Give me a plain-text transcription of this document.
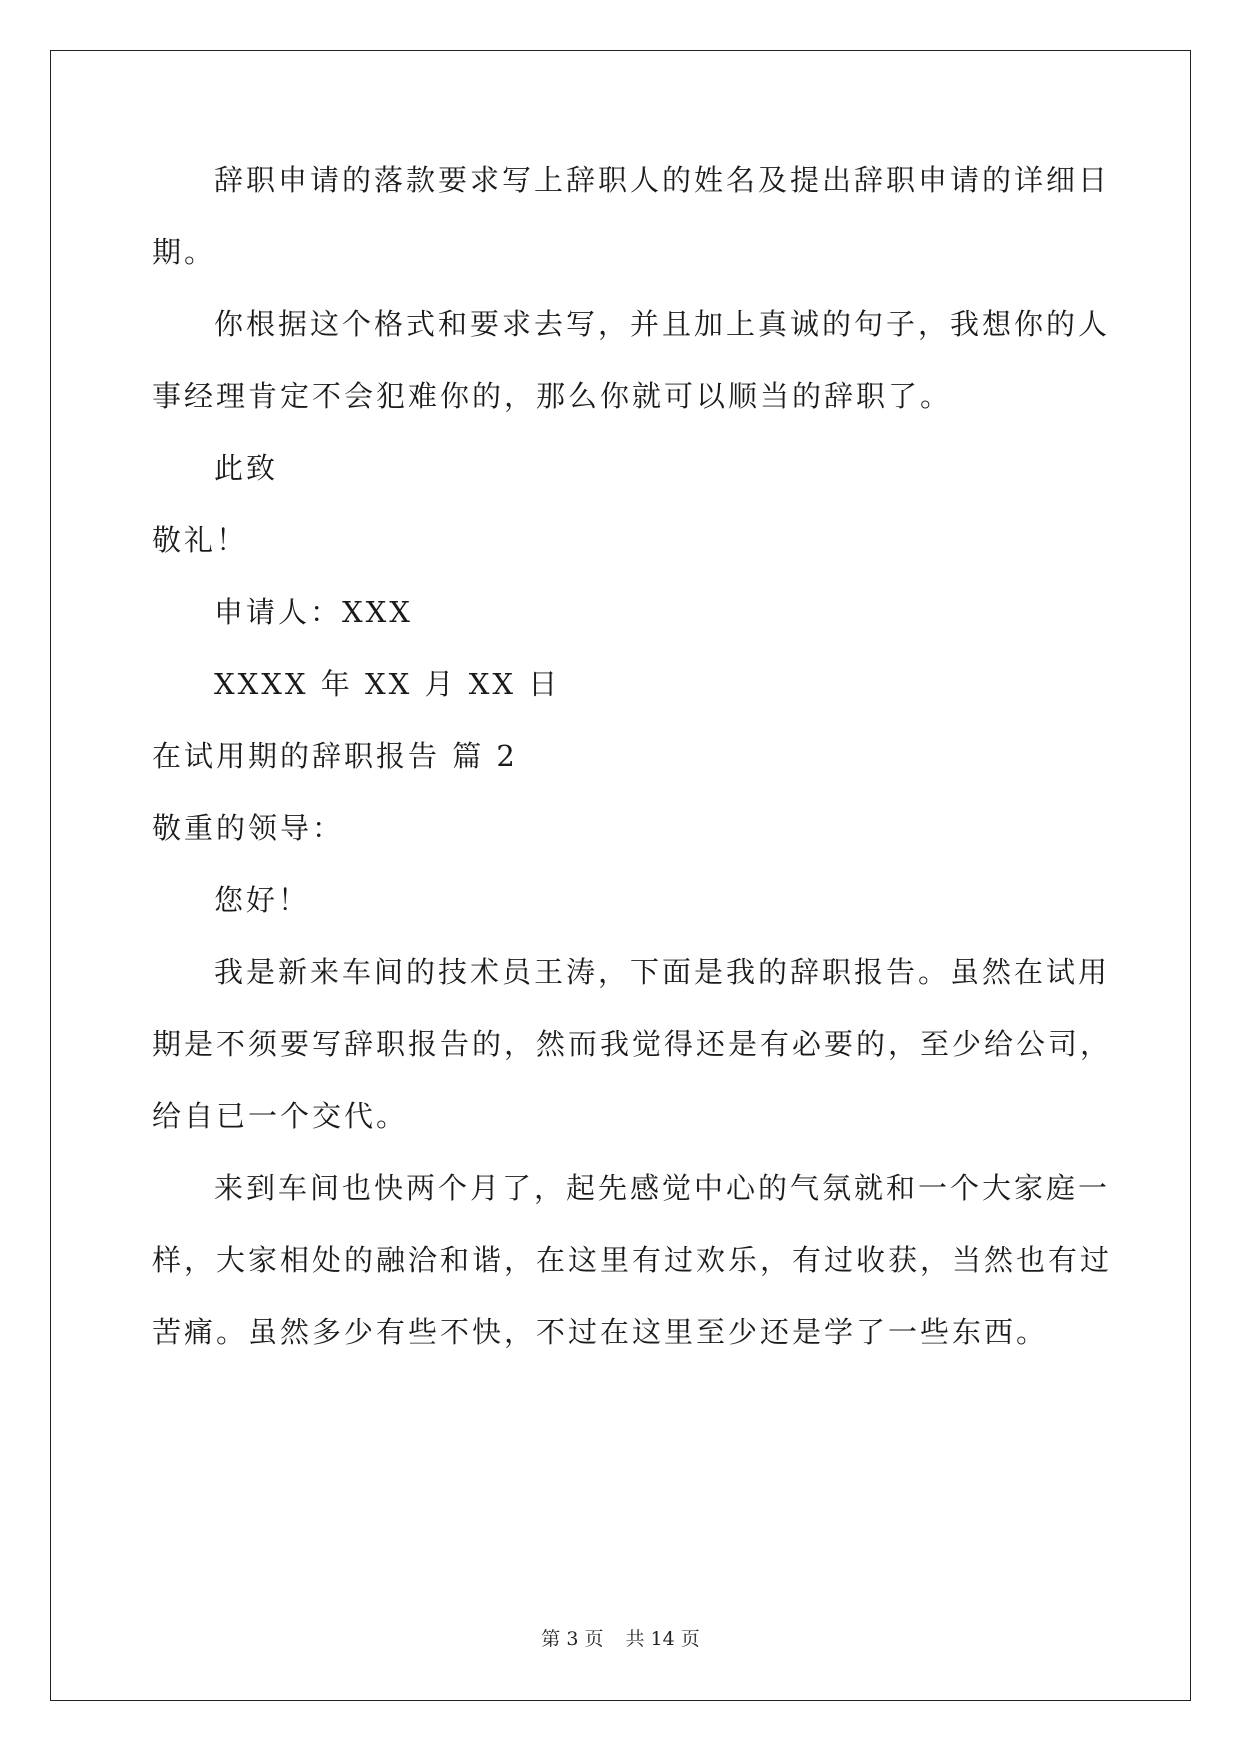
辞职申请的落款要求写上辞职人的姓名及提出辞职申请的详细日
期。
你根据这个格式和要求去写，并且加上真诚的句子，我想你的人
事经理肯定不会犯难你的，那么你就可以顺当的辞职了。
此致
敬礼！
申请人：XXX
XXXX 年 XX 月 XX 日
在试用期的辞职报告 篇 2
敬重的领导：
您好！
我是新来车间的技术员王涛，下面是我的辞职报告。虽然在试用
期是不须要写辞职报告的，然而我觉得还是有必要的，至少给公司，
给自已一个交代。
来到车间也快两个月了，起先感觉中心的气氛就和一个大家庭一
样，大家相处的融洽和谐，在这里有过欢乐，有过收获，当然也有过
苦痛。虽然多少有些不快，不过在这里至少还是学了一些东西。
第 3 页 共 14 页
